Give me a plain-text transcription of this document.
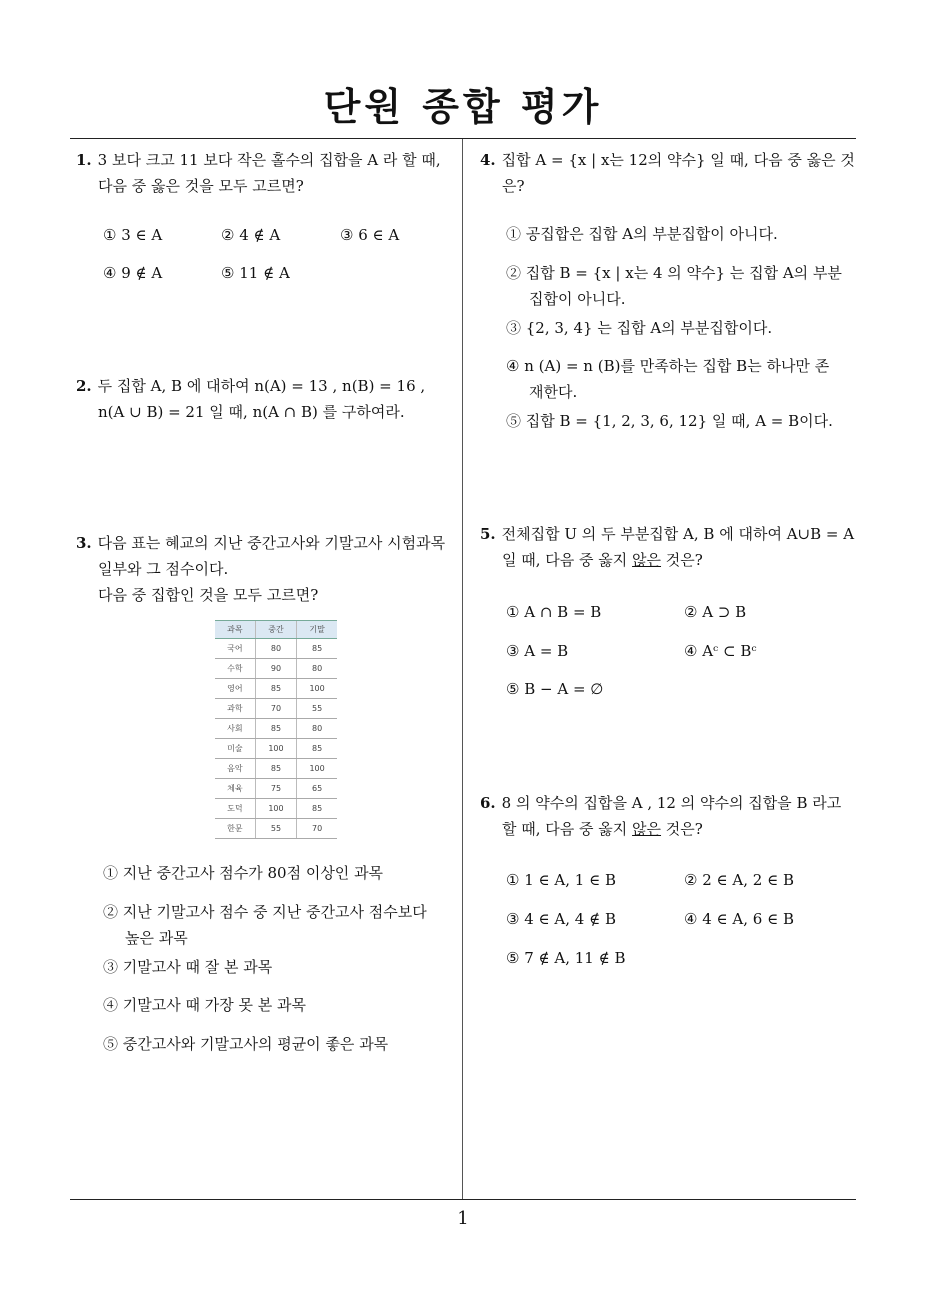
단원 종합 평가
1
1. 3 보다 크고 11 보다 작은 홀수의 집합을 A 라 할 때,
다음 중 옳은 것을 모두 고르면?
① 3 ∈ A	② 4 ∉ A	③ 6 ∈ A
④ 9 ∉ A	⑤ 11 ∉ A
2. 두 집합 A, B 에 대하여 n(A) = 13 , n(B) = 16 ,
n(A ∪ B) = 21 일 때, n(A ∩ B) 를 구하여라.
3. 다음 표는 혜교의 지난 중간고사와 기말고사 시험과목
일부와 그 점수이다.
다음 중 집합인 것을 모두 고르면?
과목	중간	기말
국어	80	85
수학	90	80
영어	85	100
과학	70	55
사회	85	80
미술	100	85
음악	85	100
체육	75	65
도덕	100	85
한문	55	70
① 지난 중간고사 점수가 80점 이상인 과목
② 지난 기말고사 점수 중 지난 중간고사 점수보다
높은 과목
③ 기말고사 때 잘 본 과목
④ 기말고사 때 가장 못 본 과목
⑤ 중간고사와 기말고사의 평균이 좋은 과목
4. 집합 A = {x | x는 12의 약수} 일 때, 다음 중 옳은 것
은?
① 공집합은 집합 A의 부분집합이 아니다.
② 집합 B = {x | x는 4 의 약수} 는 집합 A의 부분
집합이 아니다.
③ {2, 3, 4} 는 집합 A의 부분집합이다.
④ n (A) = n (B)를 만족하는 집합 B는 하나만 존
재한다.
⑤ 집합 B = {1, 2, 3, 6, 12} 일 때, A = B이다.
5. 전체집합 U 의 두 부분집합 A, B 에 대하여 A∪B = A
일 때, 다음 중 옳지 않은 것은?
① A ∩ B = B	② A ⊃ B
③ A = B	④ Aᶜ ⊂ Bᶜ
⑤ B − A = ∅
6. 8 의 약수의 집합을 A , 12 의 약수의 집합을 B 라고
할 때, 다음 중 옳지 않은 것은?
① 1 ∈ A, 1 ∈ B	② 2 ∈ A, 2 ∈ B
③ 4 ∈ A, 4 ∉ B	④ 4 ∈ A, 6 ∈ B
⑤ 7 ∉ A, 11 ∉ B
